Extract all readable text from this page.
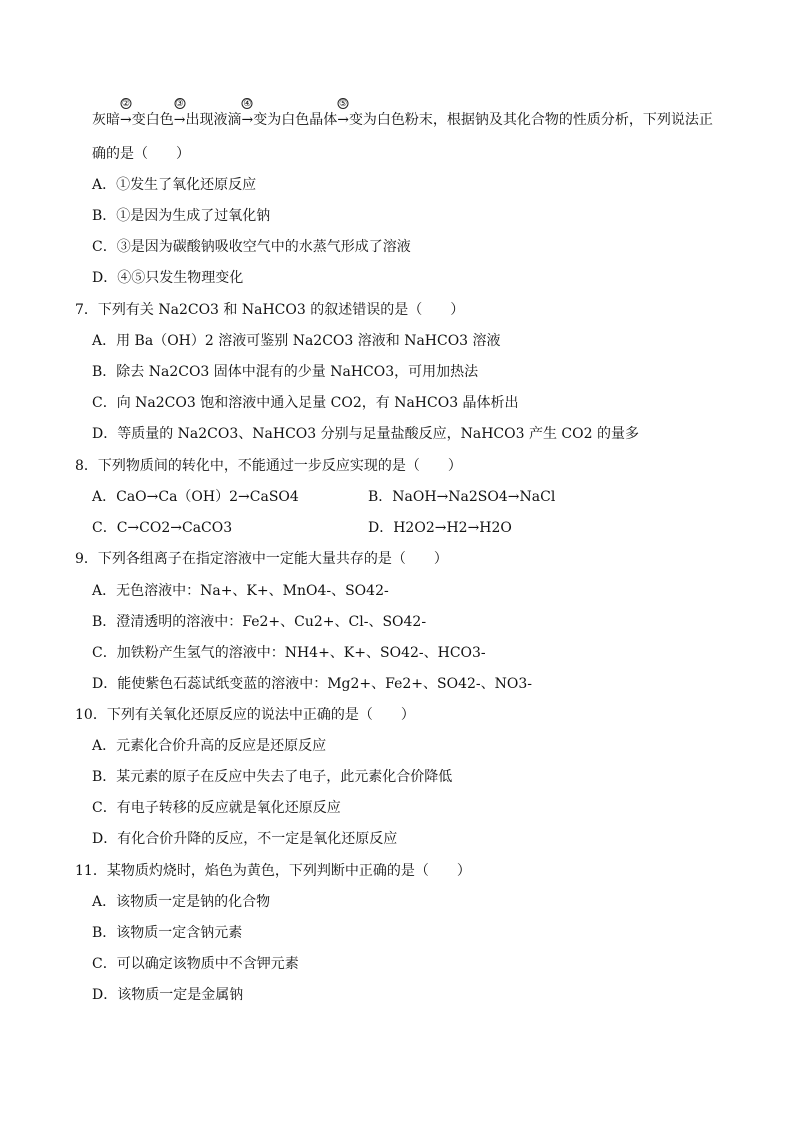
灰暗→
②
变白色→
③
出现液滴→
④
变为白色晶体→
⑤
变为白色粉末，根据钠及其化合物的性质分析，下列说法正
确的是（　　）
A．①发生了氧化还原反应
B．①是因为生成了过氧化钠
C．③是因为碳酸钠吸收空气中的水蒸气形成了溶液
D．④⑤只发生物理变化
7．下列有关 Na2CO3 和 NaHCO3 的叙述错误的是（　　）
A．用 Ba（OH）2 溶液可鉴别 Na2CO3 溶液和 NaHCO3 溶液
B．除去 Na2CO3 固体中混有的少量 NaHCO3，可用加热法
C．向 Na2CO3 饱和溶液中通入足量 CO2，有 NaHCO3 晶体析出
D．等质量的 Na2CO3、NaHCO3 分别与足量盐酸反应，NaHCO3 产生 CO2 的量多
8．下列物质间的转化中，不能通过一步反应实现的是（　　）
A．CaO→Ca（OH）2→CaSO4	B．NaOH→Na2SO4→NaCl
C．C→CO2→CaCO3	D．H2O2→H2→H2O
9．下列各组离子在指定溶液中一定能大量共存的是（　　）
A．无色溶液中：Na+、K+、MnO4-、SO42-
B．澄清透明的溶液中：Fe2+、Cu2+、Cl-、SO42-
C．加铁粉产生氢气的溶液中：NH4+、K+、SO42-、HCO3-
D．能使紫色石蕊试纸变蓝的溶液中：Mg2+、Fe2+、SO42-、NO3-
10．下列有关氧化还原反应的说法中正确的是（　　）
A．元素化合价升高的反应是还原反应
B．某元素的原子在反应中失去了电子，此元素化合价降低
C．有电子转移的反应就是氧化还原反应
D．有化合价升降的反应，不一定是氧化还原反应
11．某物质灼烧时，焰色为黄色，下列判断中正确的是（　　）
A．该物质一定是钠的化合物
B．该物质一定含钠元素
C．可以确定该物质中不含钾元素
D．该物质一定是金属钠
